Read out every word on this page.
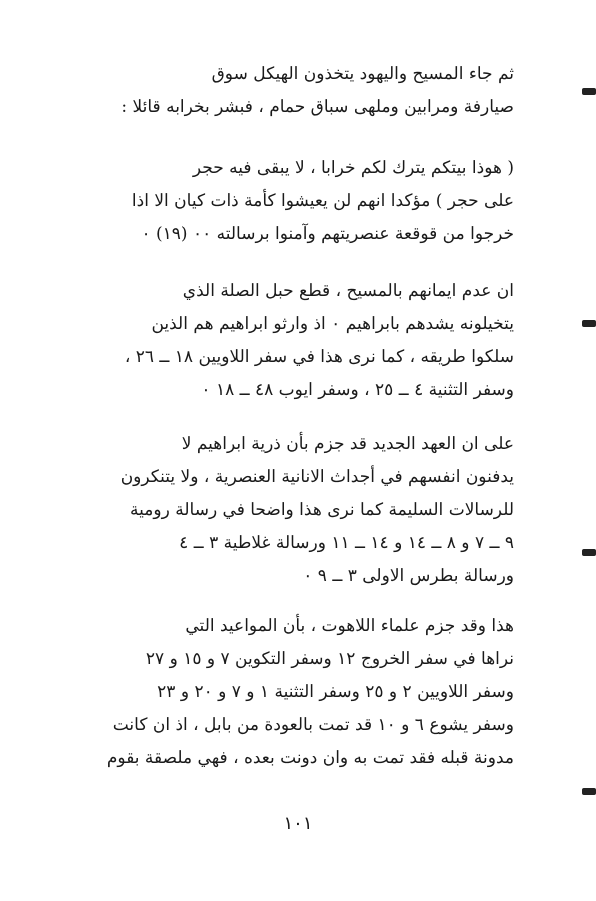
ثم جاء المسيح واليهود يتخذون الهيكل سوق
صيارفة ومرابين وملهى سباق حمام ، فبشر بخرابه قائلا :
( هوذا بيتكم يترك لكم خرابا ، لا يبقى فيه حجر
على حجر ) مؤكدا انهم لن يعيشوا كأمة ذات كيان الا اذا
خرجوا من قوقعة عنصريتهم وآمنوا برسالته ٠٠ (١٩) ٠
ان عدم ايمانهم بالمسيح ، قطع حبل الصلة الذي
يتخيلونه يشدهم بابراهيم ٠ اذ وارثو ابراهيم هم الذين
سلكوا طريقه ، كما نرى هذا في سفر اللاويين ١٨ ــ ٢٦ ،
وسفر التثنية ٤ ــ ٢٥ ، وسفر ايوب ٤٨ ــ ١٨ ٠
على ان العهد الجديد قد جزم بأن ذرية ابراهيم لا
يدفنون انفسهم في أجداث الانانية العنصرية ، ولا يتنكرون
للرسالات السليمة كما نرى هذا واضحا في رسالة رومية
٩ ــ ٧ و ٨ ــ ١٤ و ١٤ ــ ١١ ورسالة غلاطية ٣ ــ ٤
ورسالة بطرس الاولى ٣ ــ ٩ ٠
هذا وقد جزم علماء اللاهوت ، بأن المواعيد التي
نراها في سفر الخروج ١٢ وسفر التكوين ٧ و ١٥ و ٢٧
وسفر اللاويين ٢ و ٢٥ وسفر التثنية ١ و ٧ و ٢٠ و ٢٣
وسفر يشوع ٦ و ١٠ قد تمت بالعودة من بابل ، اذ ان كانت
مدونة قبله فقد تمت به وان دونت بعده ، فهي ملصقة بقوم
١٠١
